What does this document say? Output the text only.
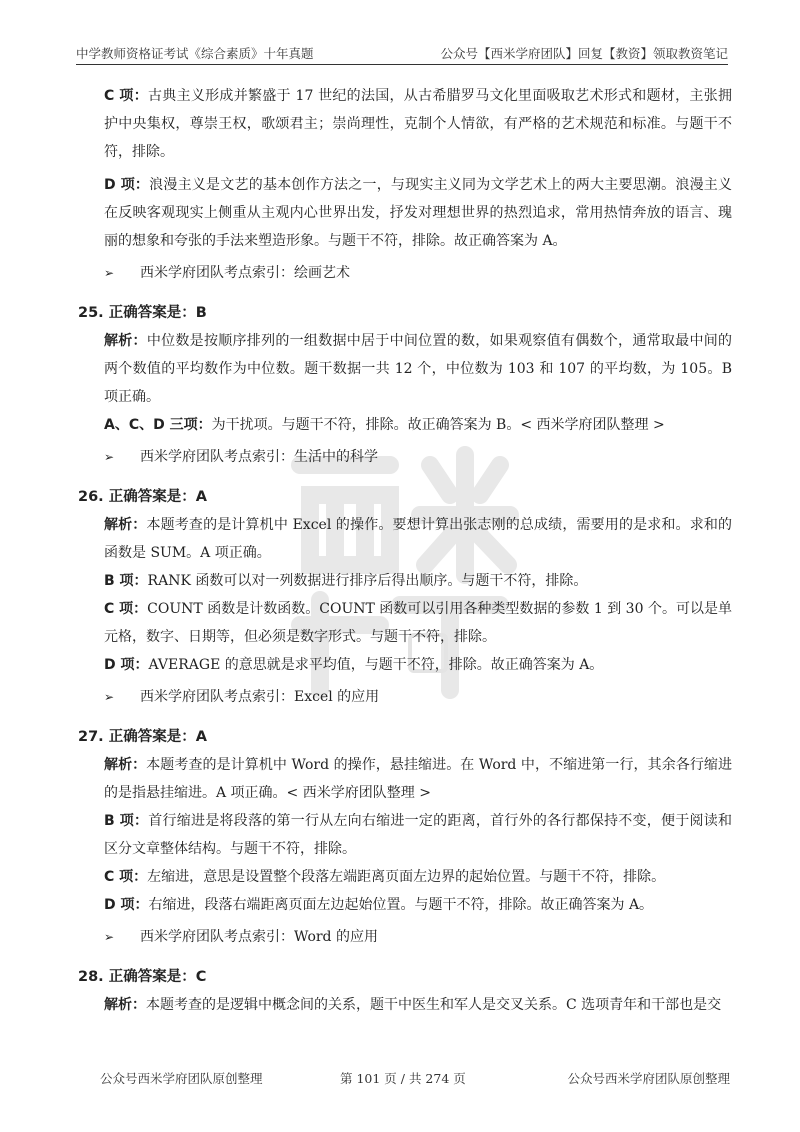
中学教师资格证考试《综合素质》十年真题	公众号【西米学府团队】回复【教资】领取教资笔记

C 项：古典主义形成并繁盛于 17 世纪的法国，从古希腊罗马文化里面吸取艺术形式和题材，主张拥护中央集权，尊崇王权，歌颂君主；崇尚理性，克制个人情欲，有严格的艺术规范和标准。与题干不符，排除。

D 项：浪漫主义是文艺的基本创作方法之一，与现实主义同为文学艺术上的两大主要思潮。浪漫主义在反映客观现实上侧重从主观内心世界出发，抒发对理想世界的热烈追求，常用热情奔放的语言、瑰丽的想象和夸张的手法来塑造形象。与题干不符，排除。故正确答案为 A。

➢ 西米学府团队考点索引：绘画艺术

25. 正确答案是：B

解析：中位数是按顺序排列的一组数据中居于中间位置的数，如果观察值有偶数个，通常取最中间的两个数值的平均数作为中位数。题干数据一共 12 个，中位数为 103 和 107 的平均数，为 105。B 项正确。

A、C、D 三项：为干扰项。与题干不符，排除。故正确答案为 B。< 西米学府团队整理 >

➢ 西米学府团队考点索引：生活中的科学

26. 正确答案是：A

解析：本题考查的是计算机中 Excel 的操作。要想计算出张志刚的总成绩，需要用的是求和。求和的函数是 SUM。A 项正确。

B 项：RANK 函数可以对一列数据进行排序后得出顺序。与题干不符，排除。

C 项：COUNT 函数是计数函数。COUNT 函数可以引用各种类型数据的参数 1 到 30 个。可以是单元格，数字、日期等，但必须是数字形式。与题干不符，排除。

D 项：AVERAGE 的意思就是求平均值，与题干不符，排除。故正确答案为 A。

➢ 西米学府团队考点索引：Excel 的应用

27. 正确答案是：A

解析：本题考查的是计算机中 Word 的操作，悬挂缩进。在 Word 中，不缩进第一行，其余各行缩进的是指悬挂缩进。A 项正确。< 西米学府团队整理 >

B 项：首行缩进是将段落的第一行从左向右缩进一定的距离，首行外的各行都保持不变，便于阅读和区分文章整体结构。与题干不符，排除。

C 项：左缩进，意思是设置整个段落左端距离页面左边界的起始位置。与题干不符，排除。

D 项：右缩进，段落右端距离页面左边起始位置。与题干不符，排除。故正确答案为 A。

➢ 西米学府团队考点索引：Word 的应用

28. 正确答案是：C

解析：本题考查的是逻辑中概念间的关系，题干中医生和军人是交叉关系。C 选项青年和干部也是交

公众号西米学府团队原创整理	第 101 页 / 共 274 页	公众号西米学府团队原创整理
